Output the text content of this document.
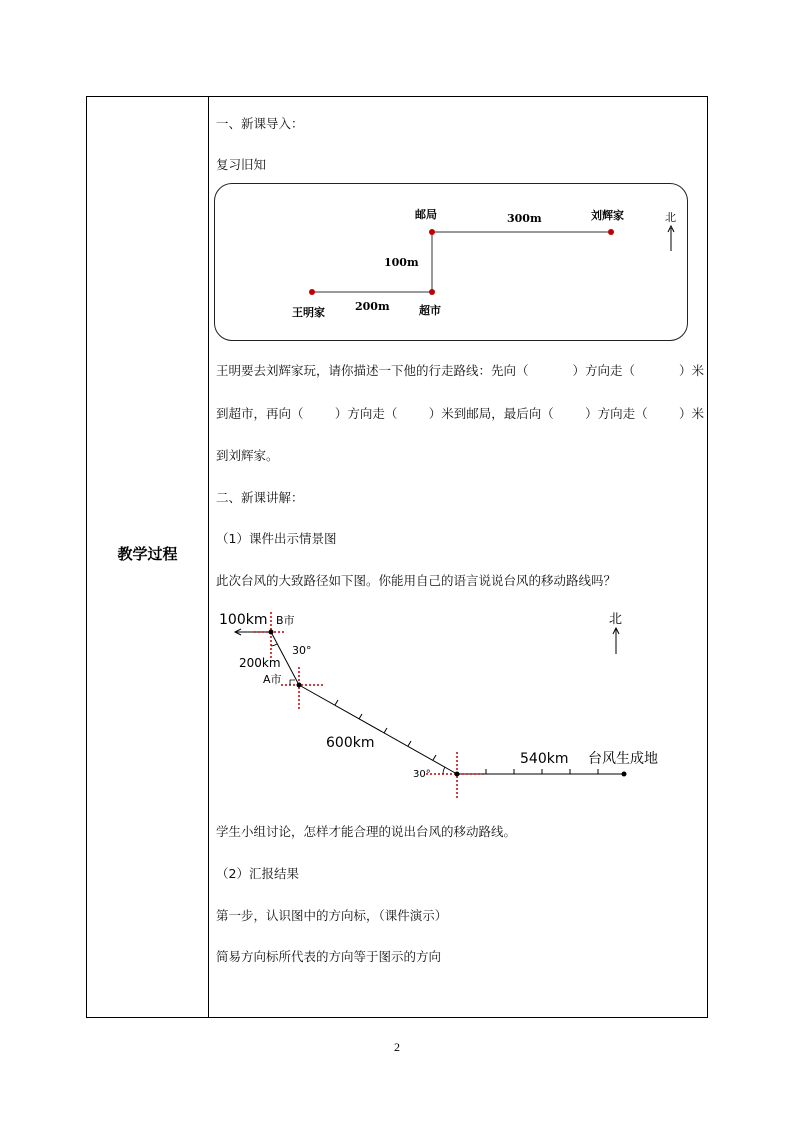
教学过程
一、新课导入：
复习旧知
邮局	刘辉家
300m
100m
王明家	200m	超市
北
王明要去刘辉家玩，请你描述一下他的行走路线：先向（	）方向走（	）米
到超市，再向（	）方向走（	）米到邮局，最后向（	）方向走（	）米
到刘辉家。
二、新课讲解：
（1）课件出示情景图
此次台风的大致路径如下图。你能用自己的语言说说台风的移动路线吗？
100km B市
30°
200km
A市
600km
30°
540km 台风生成地
北
学生小组讨论，怎样才能合理的说出台风的移动路线。
（2）汇报结果
第一步，认识图中的方向标，（课件演示）
简易方向标所代表的方向等于图示的方向
2
